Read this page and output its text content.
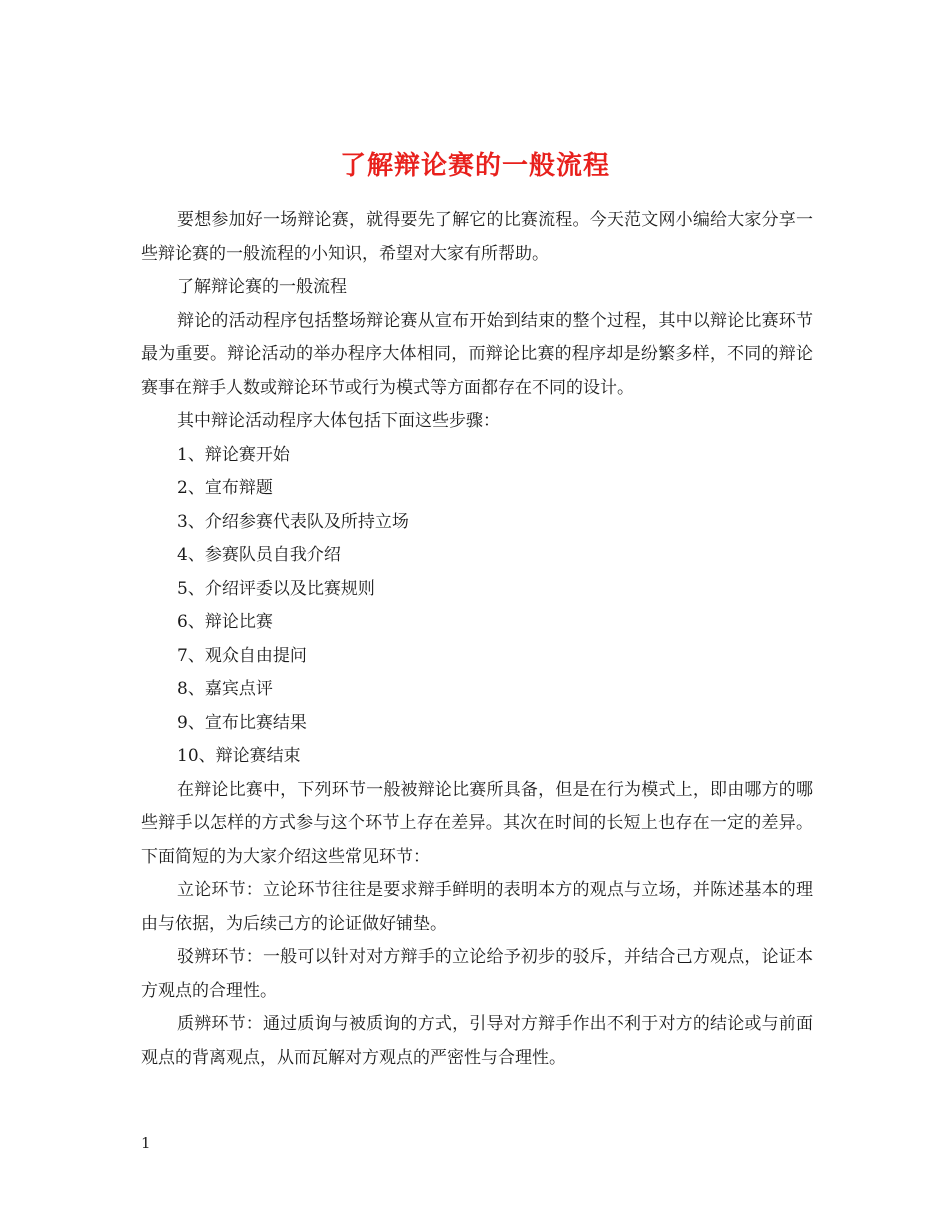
了解辩论赛的一般流程

要想参加好一场辩论赛，就得要先了解它的比赛流程。今天范文网小编给大家分享一些辩论赛的一般流程的小知识，希望对大家有所帮助。

了解辩论赛的一般流程

辩论的活动程序包括整场辩论赛从宣布开始到结束的整个过程，其中以辩论比赛环节最为重要。辩论活动的举办程序大体相同，而辩论比赛的程序却是纷繁多样，不同的辩论赛事在辩手人数或辩论环节或行为模式等方面都存在不同的设计。

其中辩论活动程序大体包括下面这些步骤：

1、辩论赛开始

2、宣布辩题

3、介绍参赛代表队及所持立场

4、参赛队员自我介绍

5、介绍评委以及比赛规则

6、辩论比赛

7、观众自由提问

8、嘉宾点评

9、宣布比赛结果

10、辩论赛结束

在辩论比赛中，下列环节一般被辩论比赛所具备，但是在行为模式上，即由哪方的哪些辩手以怎样的方式参与这个环节上存在差异。其次在时间的长短上也存在一定的差异。下面简短的为大家介绍这些常见环节：

立论环节：立论环节往往是要求辩手鲜明的表明本方的观点与立场，并陈述基本的理由与依据，为后续己方的论证做好铺垫。

驳辨环节：一般可以针对对方辩手的立论给予初步的驳斥，并结合己方观点，论证本方观点的合理性。

质辨环节：通过质询与被质询的方式，引导对方辩手作出不利于对方的结论或与前面观点的背离观点，从而瓦解对方观点的严密性与合理性。

1
